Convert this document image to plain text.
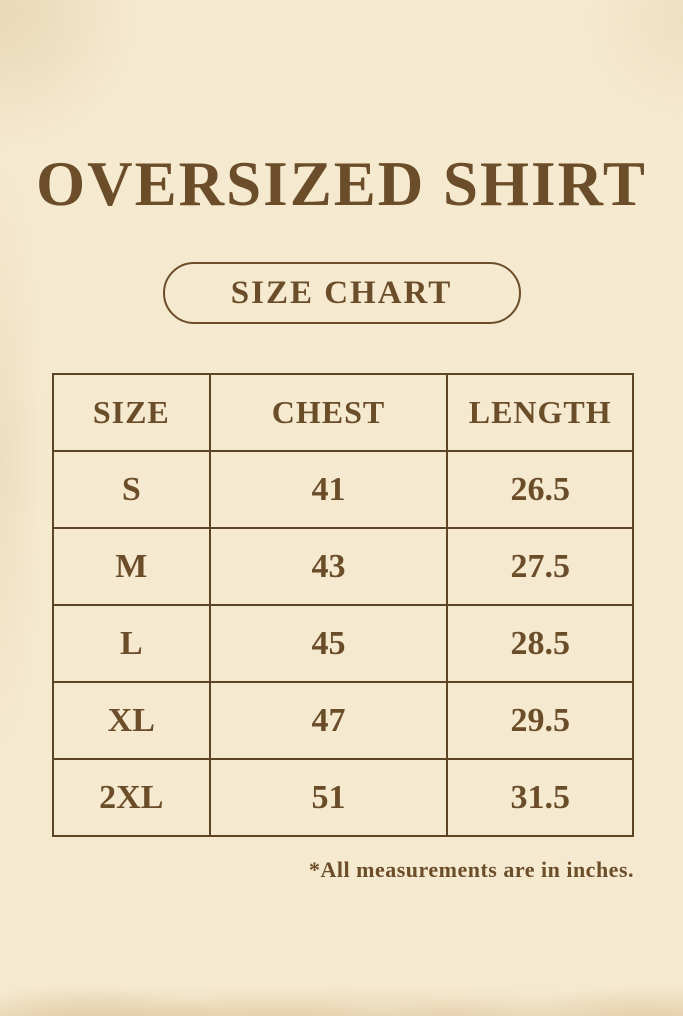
OVERSIZED SHIRT
SIZE CHART
SIZE	CHEST	LENGTH
S	41	26.5
M	43	27.5
L	45	28.5
XL	47	29.5
2XL	51	31.5
*All measurements are in inches.
